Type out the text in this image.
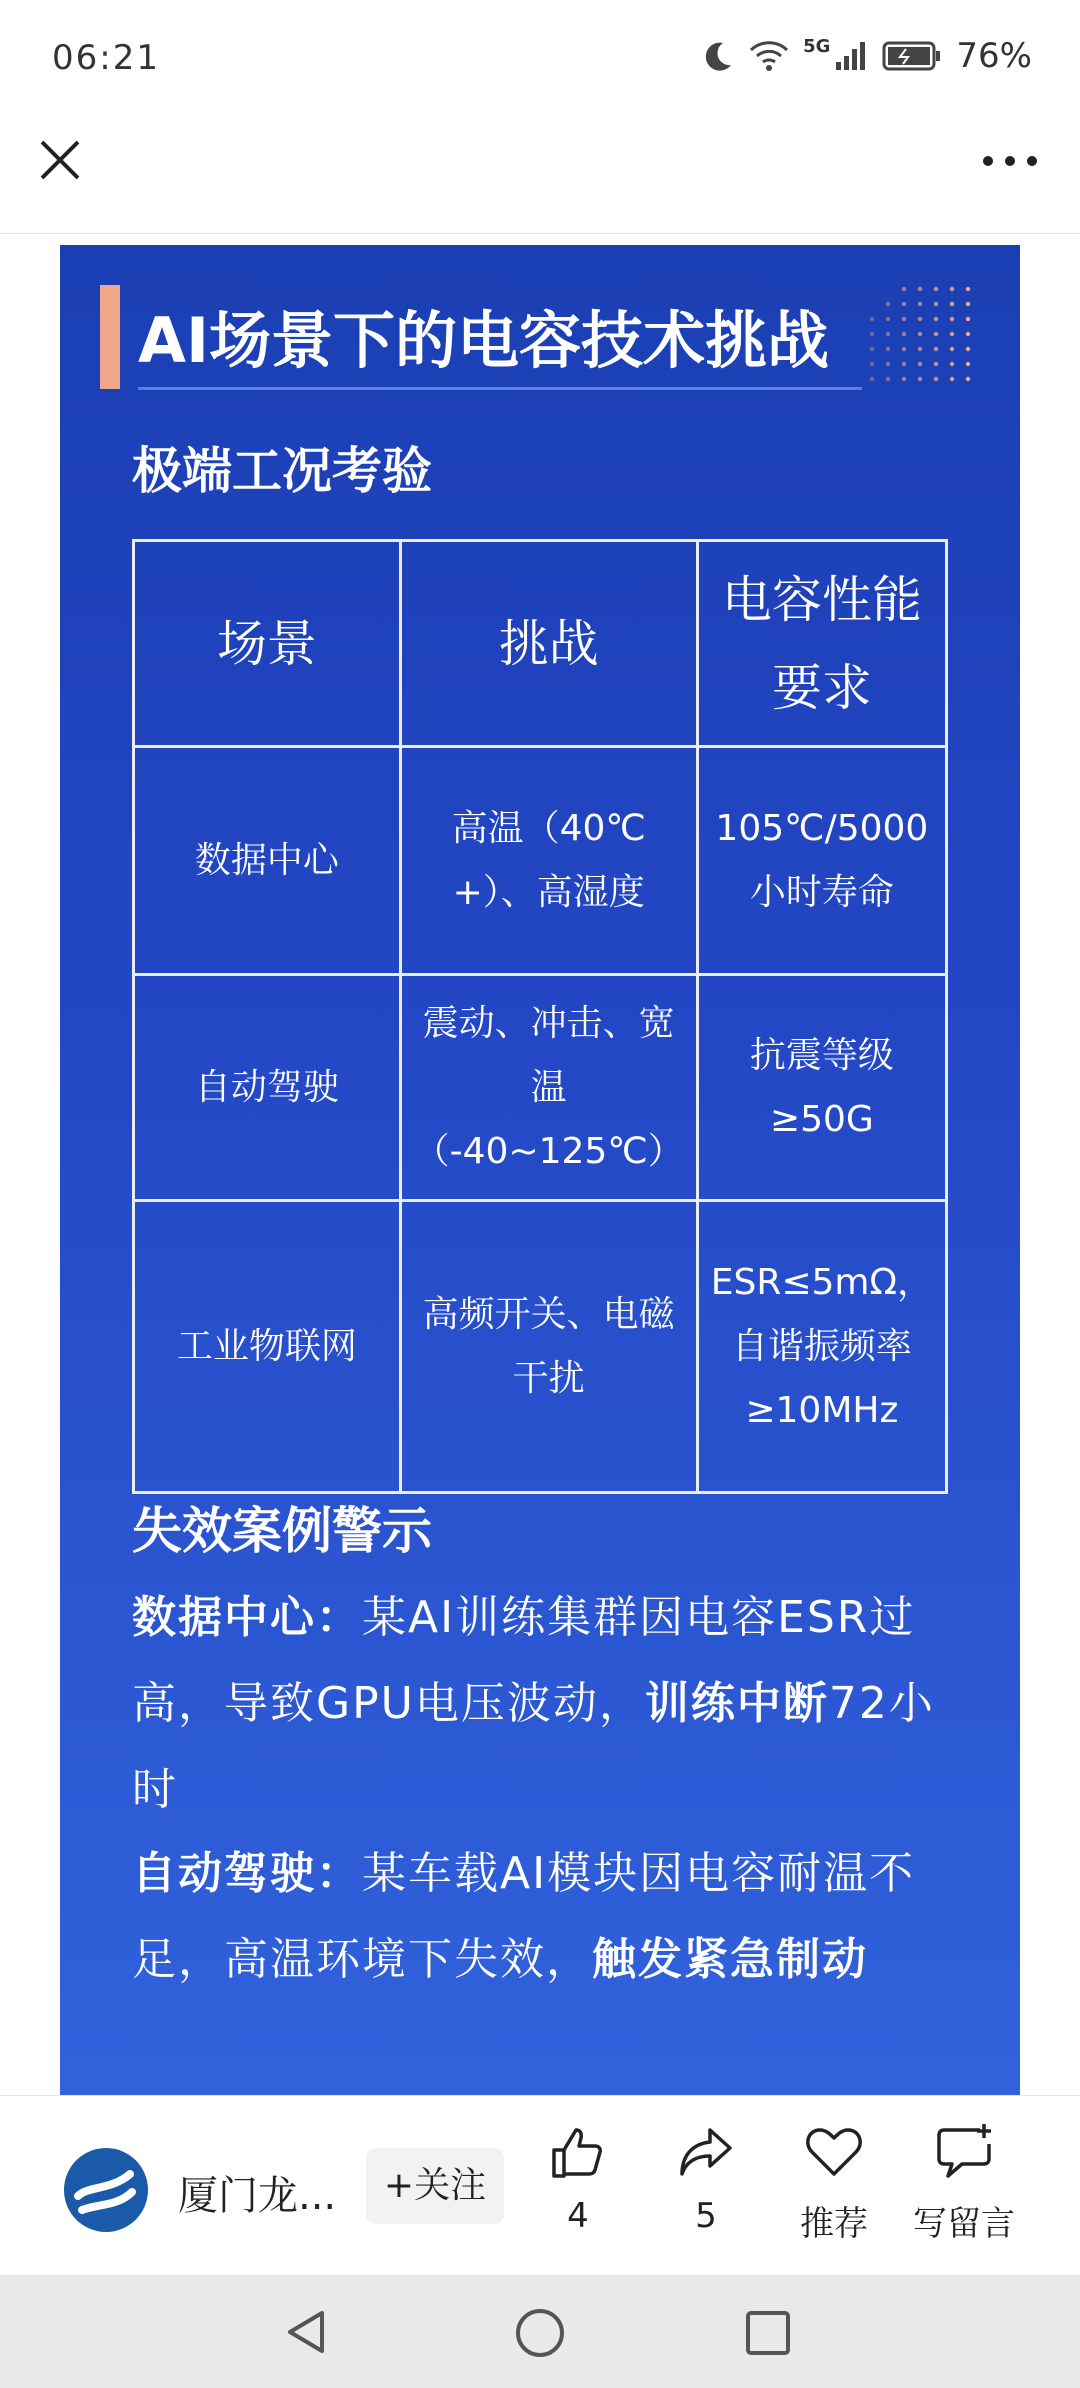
06:21	5G	76%
AI场景下的电容技术挑战
极端工况考验
场景	挑战	电容性能要求
数据中心	高温（40℃+）、高湿度	105℃/5000小时寿命
自动驾驶	震动、冲击、宽温（-40~125℃）	抗震等级≥50G
工业物联网	高频开关、电磁干扰	ESR≤5mΩ，自谐振频率≥10MHz
失效案例警示
数据中心：某AI训练集群因电容ESR过高，导致GPU电压波动，训练中断72小时
自动驾驶：某车载AI模块因电容耐温不足，高温环境下失效，触发紧急制动
厦门龙...	+关注
4	5	推荐	写留言
